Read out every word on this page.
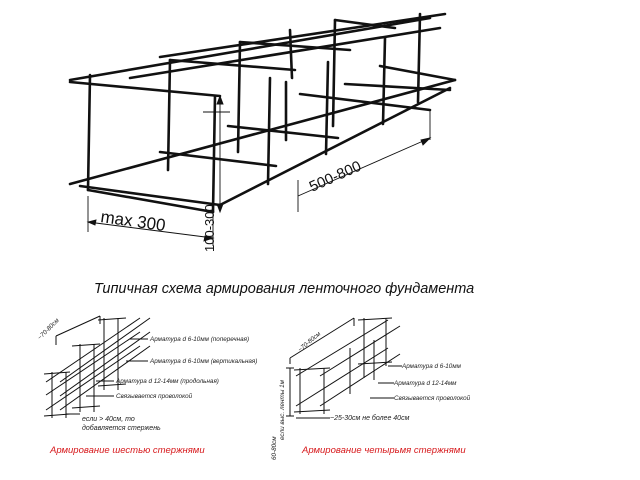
max 300	100-300
500-800
Типичная схема армирования ленточного фундамента
~70-80см	Арматура d 6-10мм (поперечная)
Арматура d 6-10мм (вертикальная)
Арматура d 12-14мм (продольная)
Связывается проволокой
если > 40см, то
добавляется стержень
Армирование шестью стержнями
~70-80см
Арматура d 6-10мм
Арматура d 12-14мм
Связывается проволокой
~25-30см не более 40см
60-80см
если выс. ленты 1м
Армирование четырьмя стержнями
